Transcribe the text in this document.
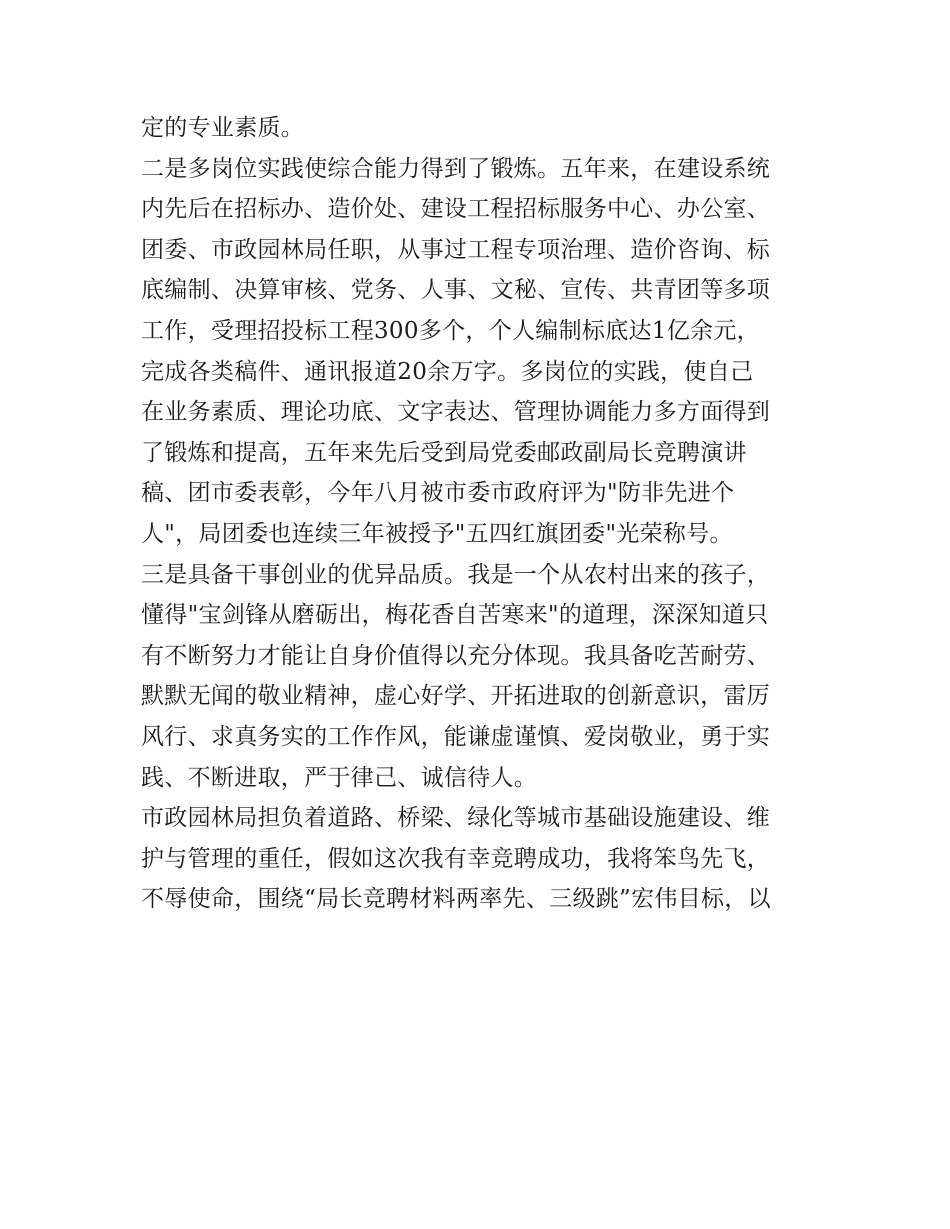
定的专业素质。
二是多岗位实践使综合能力得到了锻炼。五年来，在建设系统
内先后在招标办、造价处、建设工程招标服务中心、办公室、
团委、市政园林局任职，从事过工程专项治理、造价咨询、标
底编制、决算审核、党务、人事、文秘、宣传、共青团等多项
工作，受理招投标工程300多个，个人编制标底达1亿余元，
完成各类稿件、通讯报道20余万字。多岗位的实践，使自己
在业务素质、理论功底、文字表达、管理协调能力多方面得到
了锻炼和提高，五年来先后受到局党委邮政副局长竞聘演讲
稿、团市委表彰，今年八月被市委市政府评为"防非先进个
人"，局团委也连续三年被授予"五四红旗团委"光荣称号。
三是具备干事创业的优异品质。我是一个从农村出来的孩子，
懂得"宝剑锋从磨砺出，梅花香自苦寒来"的道理，深深知道只
有不断努力才能让自身价值得以充分体现。我具备吃苦耐劳、
默默无闻的敬业精神，虚心好学、开拓进取的创新意识，雷厉
风行、求真务实的工作作风，能谦虚谨慎、爱岗敬业，勇于实
践、不断进取，严于律己、诚信待人。
市政园林局担负着道路、桥梁、绿化等城市基础设施建设、维
护与管理的重任，假如这次我有幸竞聘成功，我将笨鸟先飞，
不辱使命，围绕“局长竞聘材料两率先、三级跳”宏伟目标，以
